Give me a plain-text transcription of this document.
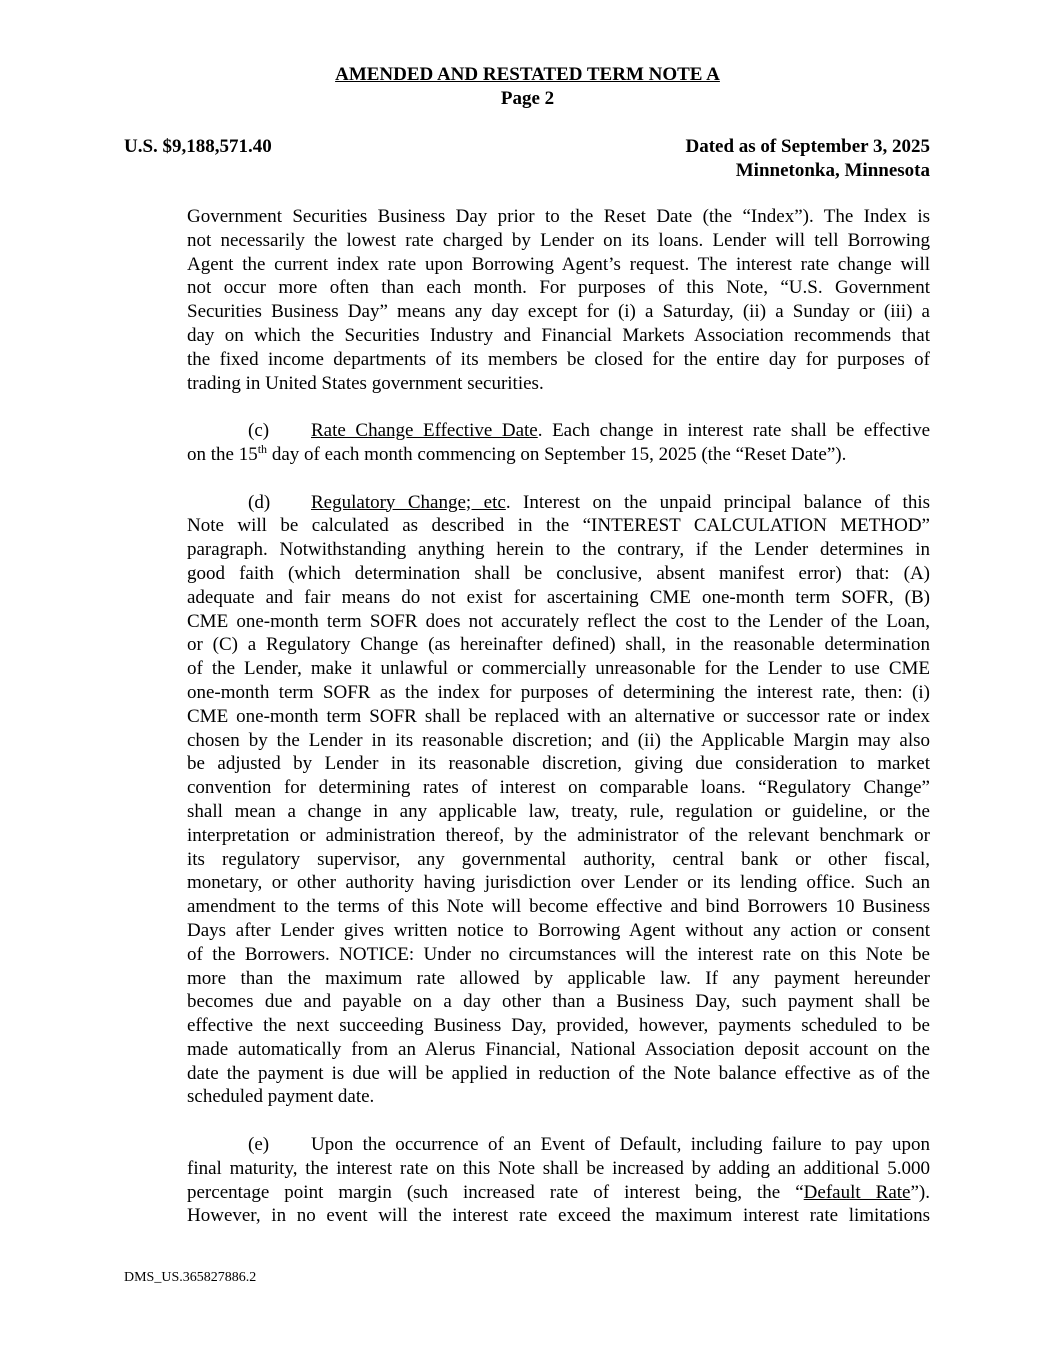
AMENDED AND RESTATED TERM NOTE A
Page 2
U.S. $9,188,571.40	Dated as of September 3, 2025
Minnetonka, Minnesota
Government Securities Business Day prior to the Reset Date (the “Index”). The Index is
not necessarily the lowest rate charged by Lender on its loans. Lender will tell Borrowing
Agent the current index rate upon Borrowing Agent’s request. The interest rate change will
not occur more often than each month. For purposes of this Note, “U.S. Government
Securities Business Day” means any day except for (i) a Saturday, (ii) a Sunday or (iii) a
day on which the Securities Industry and Financial Markets Association recommends that
the fixed income departments of its members be closed for the entire day for purposes of
trading in United States government securities.
(c) Rate Change Effective Date. Each change in interest rate shall be effective
on the 15th day of each month commencing on September 15, 2025 (the “Reset Date”).
(d) Regulatory Change; etc. Interest on the unpaid principal balance of this
Note will be calculated as described in the “INTEREST CALCULATION METHOD”
paragraph. Notwithstanding anything herein to the contrary, if the Lender determines in
good faith (which determination shall be conclusive, absent manifest error) that: (A)
adequate and fair means do not exist for ascertaining CME one-month term SOFR, (B)
CME one-month term SOFR does not accurately reflect the cost to the Lender of the Loan,
or (C) a Regulatory Change (as hereinafter defined) shall, in the reasonable determination
of the Lender, make it unlawful or commercially unreasonable for the Lender to use CME
one-month term SOFR as the index for purposes of determining the interest rate, then: (i)
CME one-month term SOFR shall be replaced with an alternative or successor rate or index
chosen by the Lender in its reasonable discretion; and (ii) the Applicable Margin may also
be adjusted by Lender in its reasonable discretion, giving due consideration to market
convention for determining rates of interest on comparable loans. “Regulatory Change”
shall mean a change in any applicable law, treaty, rule, regulation or guideline, or the
interpretation or administration thereof, by the administrator of the relevant benchmark or
its regulatory supervisor, any governmental authority, central bank or other fiscal,
monetary, or other authority having jurisdiction over Lender or its lending office. Such an
amendment to the terms of this Note will become effective and bind Borrowers 10 Business
Days after Lender gives written notice to Borrowing Agent without any action or consent
of the Borrowers. NOTICE: Under no circumstances will the interest rate on this Note be
more than the maximum rate allowed by applicable law. If any payment hereunder
becomes due and payable on a day other than a Business Day, such payment shall be
effective the next succeeding Business Day, provided, however, payments scheduled to be
made automatically from an Alerus Financial, National Association deposit account on the
date the payment is due will be applied in reduction of the Note balance effective as of the
scheduled payment date.
(e) Upon the occurrence of an Event of Default, including failure to pay upon
final maturity, the interest rate on this Note shall be increased by adding an additional 5.000
percentage point margin (such increased rate of interest being, the “Default Rate”).
However, in no event will the interest rate exceed the maximum interest rate limitations
DMS_US.365827886.2
